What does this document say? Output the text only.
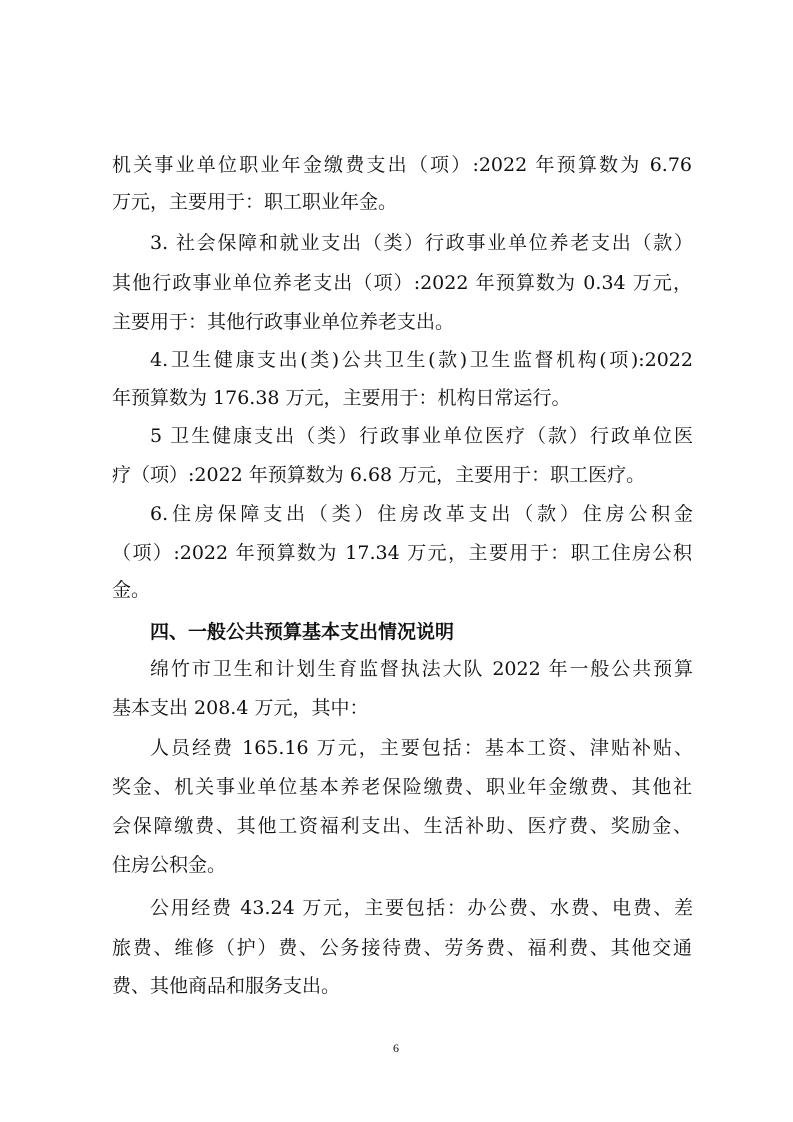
机关事业单位职业年金缴费支出（项）:2022 年预算数为 6.76
万元，主要用于：职工职业年金。
3. 社会保障和就业支出（类）行政事业单位养老支出（款）
其他行政事业单位养老支出（项）:2022 年预算数为 0.34 万元，
主要用于：其他行政事业单位养老支出。
4.卫生健康支出(类)公共卫生(款)卫生监督机构(项):2022
年预算数为 176.38 万元，主要用于：机构日常运行。
5 卫生健康支出（类）行政事业单位医疗（款）行政单位医
疗（项）:2022 年预算数为 6.68 万元，主要用于：职工医疗。
6.住房保障支出（类）住房改革支出（款）住房公积金
（项）:2022 年预算数为 17.34 万元，主要用于：职工住房公积
金。
四、一般公共预算基本支出情况说明
绵竹市卫生和计划生育监督执法大队 2022 年一般公共预算
基本支出 208.4 万元，其中：
人员经费 165.16 万元，主要包括：基本工资、津贴补贴、
奖金、机关事业单位基本养老保险缴费、职业年金缴费、其他社
会保障缴费、其他工资福利支出、生活补助、医疗费、奖励金、
住房公积金。
公用经费 43.24 万元，主要包括：办公费、水费、电费、差
旅费、维修（护）费、公务接待费、劳务费、福利费、其他交通
费、其他商品和服务支出。
6
